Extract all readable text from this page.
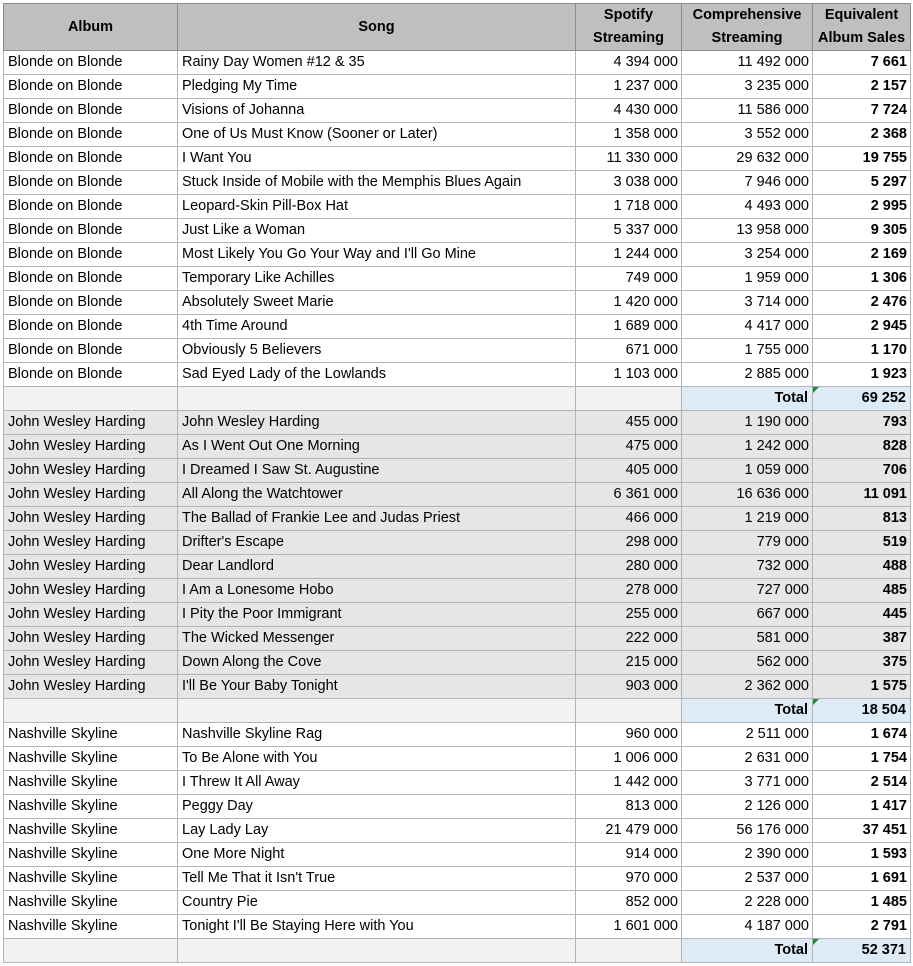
Album	Song	Spotify Streaming	Comprehensive Streaming	Equivalent Album Sales
Blonde on Blonde	Rainy Day Women #12 & 35	4 394 000	11 492 000	7 661
Blonde on Blonde	Pledging My Time	1 237 000	3 235 000	2 157
Blonde on Blonde	Visions of Johanna	4 430 000	11 586 000	7 724
Blonde on Blonde	One of Us Must Know (Sooner or Later)	1 358 000	3 552 000	2 368
Blonde on Blonde	I Want You	11 330 000	29 632 000	19 755
Blonde on Blonde	Stuck Inside of Mobile with the Memphis Blues Again	3 038 000	7 946 000	5 297
Blonde on Blonde	Leopard-Skin Pill-Box Hat	1 718 000	4 493 000	2 995
Blonde on Blonde	Just Like a Woman	5 337 000	13 958 000	9 305
Blonde on Blonde	Most Likely You Go Your Way and I'll Go Mine	1 244 000	3 254 000	2 169
Blonde on Blonde	Temporary Like Achilles	749 000	1 959 000	1 306
Blonde on Blonde	Absolutely Sweet Marie	1 420 000	3 714 000	2 476
Blonde on Blonde	4th Time Around	1 689 000	4 417 000	2 945
Blonde on Blonde	Obviously 5 Believers	671 000	1 755 000	1 170
Blonde on Blonde	Sad Eyed Lady of the Lowlands	1 103 000	2 885 000	1 923
			Total	69 252
John Wesley Harding	John Wesley Harding	455 000	1 190 000	793
John Wesley Harding	As I Went Out One Morning	475 000	1 242 000	828
John Wesley Harding	I Dreamed I Saw St. Augustine	405 000	1 059 000	706
John Wesley Harding	All Along the Watchtower	6 361 000	16 636 000	11 091
John Wesley Harding	The Ballad of Frankie Lee and Judas Priest	466 000	1 219 000	813
John Wesley Harding	Drifter's Escape	298 000	779 000	519
John Wesley Harding	Dear Landlord	280 000	732 000	488
John Wesley Harding	I Am a Lonesome Hobo	278 000	727 000	485
John Wesley Harding	I Pity the Poor Immigrant	255 000	667 000	445
John Wesley Harding	The Wicked Messenger	222 000	581 000	387
John Wesley Harding	Down Along the Cove	215 000	562 000	375
John Wesley Harding	I'll Be Your Baby Tonight	903 000	2 362 000	1 575
			Total	18 504
Nashville Skyline	Nashville Skyline Rag	960 000	2 511 000	1 674
Nashville Skyline	To Be Alone with You	1 006 000	2 631 000	1 754
Nashville Skyline	I Threw It All Away	1 442 000	3 771 000	2 514
Nashville Skyline	Peggy Day	813 000	2 126 000	1 417
Nashville Skyline	Lay Lady Lay	21 479 000	56 176 000	37 451
Nashville Skyline	One More Night	914 000	2 390 000	1 593
Nashville Skyline	Tell Me That it Isn't True	970 000	2 537 000	1 691
Nashville Skyline	Country Pie	852 000	2 228 000	1 485
Nashville Skyline	Tonight I'll Be Staying Here with You	1 601 000	4 187 000	2 791
			Total	52 371
